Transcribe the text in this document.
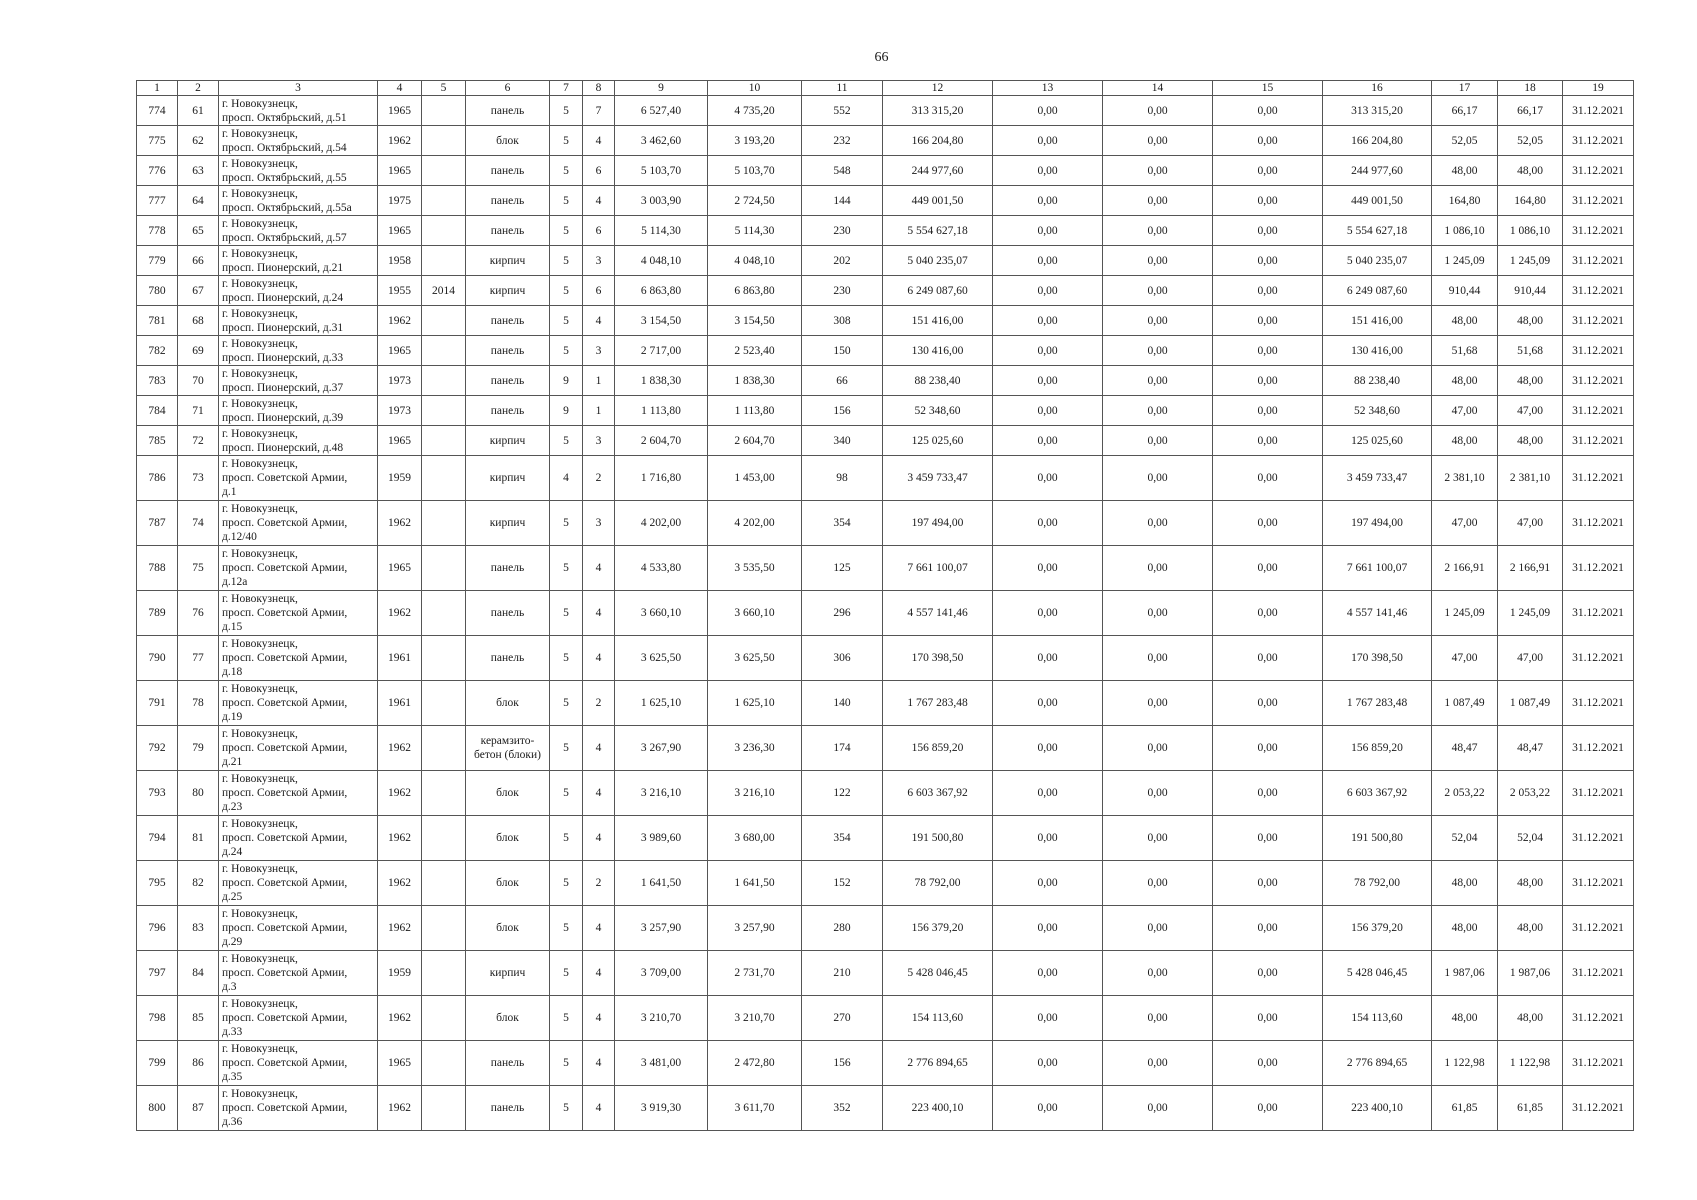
66
1	2	3	4	5	6	7	8	9	10	11	12	13	14	15	16	17	18	19
774	61	г. Новокузнецк,
просп. Октябрьский, д.51	1965		панель	5	7	6 527,40	4 735,20	552	313 315,20	0,00	0,00	0,00	313 315,20	66,17	66,17	31.12.2021
775	62	г. Новокузнецк,
просп. Октябрьский, д.54	1962		блок	5	4	3 462,60	3 193,20	232	166 204,80	0,00	0,00	0,00	166 204,80	52,05	52,05	31.12.2021
776	63	г. Новокузнецк,
просп. Октябрьский, д.55	1965		панель	5	6	5 103,70	5 103,70	548	244 977,60	0,00	0,00	0,00	244 977,60	48,00	48,00	31.12.2021
777	64	г. Новокузнецк,
просп. Октябрьский, д.55а	1975		панель	5	4	3 003,90	2 724,50	144	449 001,50	0,00	0,00	0,00	449 001,50	164,80	164,80	31.12.2021
778	65	г. Новокузнецк,
просп. Октябрьский, д.57	1965		панель	5	6	5 114,30	5 114,30	230	5 554 627,18	0,00	0,00	0,00	5 554 627,18	1 086,10	1 086,10	31.12.2021
779	66	г. Новокузнецк,
просп. Пионерский, д.21	1958		кирпич	5	3	4 048,10	4 048,10	202	5 040 235,07	0,00	0,00	0,00	5 040 235,07	1 245,09	1 245,09	31.12.2021
780	67	г. Новокузнецк,
просп. Пионерский, д.24	1955	2014	кирпич	5	6	6 863,80	6 863,80	230	6 249 087,60	0,00	0,00	0,00	6 249 087,60	910,44	910,44	31.12.2021
781	68	г. Новокузнецк,
просп. Пионерский, д.31	1962		панель	5	4	3 154,50	3 154,50	308	151 416,00	0,00	0,00	0,00	151 416,00	48,00	48,00	31.12.2021
782	69	г. Новокузнецк,
просп. Пионерский, д.33	1965		панель	5	3	2 717,00	2 523,40	150	130 416,00	0,00	0,00	0,00	130 416,00	51,68	51,68	31.12.2021
783	70	г. Новокузнецк,
просп. Пионерский, д.37	1973		панель	9	1	1 838,30	1 838,30	66	88 238,40	0,00	0,00	0,00	88 238,40	48,00	48,00	31.12.2021
784	71	г. Новокузнецк,
просп. Пионерский, д.39	1973		панель	9	1	1 113,80	1 113,80	156	52 348,60	0,00	0,00	0,00	52 348,60	47,00	47,00	31.12.2021
785	72	г. Новокузнецк,
просп. Пионерский, д.48	1965		кирпич	5	3	2 604,70	2 604,70	340	125 025,60	0,00	0,00	0,00	125 025,60	48,00	48,00	31.12.2021
786	73	г. Новокузнецк,
просп. Советской Армии,
д.1	1959		кирпич	4	2	1 716,80	1 453,00	98	3 459 733,47	0,00	0,00	0,00	3 459 733,47	2 381,10	2 381,10	31.12.2021
787	74	г. Новокузнецк,
просп. Советской Армии,
д.12/40	1962		кирпич	5	3	4 202,00	4 202,00	354	197 494,00	0,00	0,00	0,00	197 494,00	47,00	47,00	31.12.2021
788	75	г. Новокузнецк,
просп. Советской Армии,
д.12а	1965		панель	5	4	4 533,80	3 535,50	125	7 661 100,07	0,00	0,00	0,00	7 661 100,07	2 166,91	2 166,91	31.12.2021
789	76	г. Новокузнецк,
просп. Советской Армии,
д.15	1962		панель	5	4	3 660,10	3 660,10	296	4 557 141,46	0,00	0,00	0,00	4 557 141,46	1 245,09	1 245,09	31.12.2021
790	77	г. Новокузнецк,
просп. Советской Армии,
д.18	1961		панель	5	4	3 625,50	3 625,50	306	170 398,50	0,00	0,00	0,00	170 398,50	47,00	47,00	31.12.2021
791	78	г. Новокузнецк,
просп. Советской Армии,
д.19	1961		блок	5	2	1 625,10	1 625,10	140	1 767 283,48	0,00	0,00	0,00	1 767 283,48	1 087,49	1 087,49	31.12.2021
792	79	г. Новокузнецк,
просп. Советской Армии,
д.21	1962		керамзито-бетон (блоки)	5	4	3 267,90	3 236,30	174	156 859,20	0,00	0,00	0,00	156 859,20	48,47	48,47	31.12.2021
793	80	г. Новокузнецк,
просп. Советской Армии,
д.23	1962		блок	5	4	3 216,10	3 216,10	122	6 603 367,92	0,00	0,00	0,00	6 603 367,92	2 053,22	2 053,22	31.12.2021
794	81	г. Новокузнецк,
просп. Советской Армии,
д.24	1962		блок	5	4	3 989,60	3 680,00	354	191 500,80	0,00	0,00	0,00	191 500,80	52,04	52,04	31.12.2021
795	82	г. Новокузнецк,
просп. Советской Армии,
д.25	1962		блок	5	2	1 641,50	1 641,50	152	78 792,00	0,00	0,00	0,00	78 792,00	48,00	48,00	31.12.2021
796	83	г. Новокузнецк,
просп. Советской Армии,
д.29	1962		блок	5	4	3 257,90	3 257,90	280	156 379,20	0,00	0,00	0,00	156 379,20	48,00	48,00	31.12.2021
797	84	г. Новокузнецк,
просп. Советской Армии,
д.3	1959		кирпич	5	4	3 709,00	2 731,70	210	5 428 046,45	0,00	0,00	0,00	5 428 046,45	1 987,06	1 987,06	31.12.2021
798	85	г. Новокузнецк,
просп. Советской Армии,
д.33	1962		блок	5	4	3 210,70	3 210,70	270	154 113,60	0,00	0,00	0,00	154 113,60	48,00	48,00	31.12.2021
799	86	г. Новокузнецк,
просп. Советской Армии,
д.35	1965		панель	5	4	3 481,00	2 472,80	156	2 776 894,65	0,00	0,00	0,00	2 776 894,65	1 122,98	1 122,98	31.12.2021
800	87	г. Новокузнецк,
просп. Советской Армии,
д.36	1962		панель	5	4	3 919,30	3 611,70	352	223 400,10	0,00	0,00	0,00	223 400,10	61,85	61,85	31.12.2021
